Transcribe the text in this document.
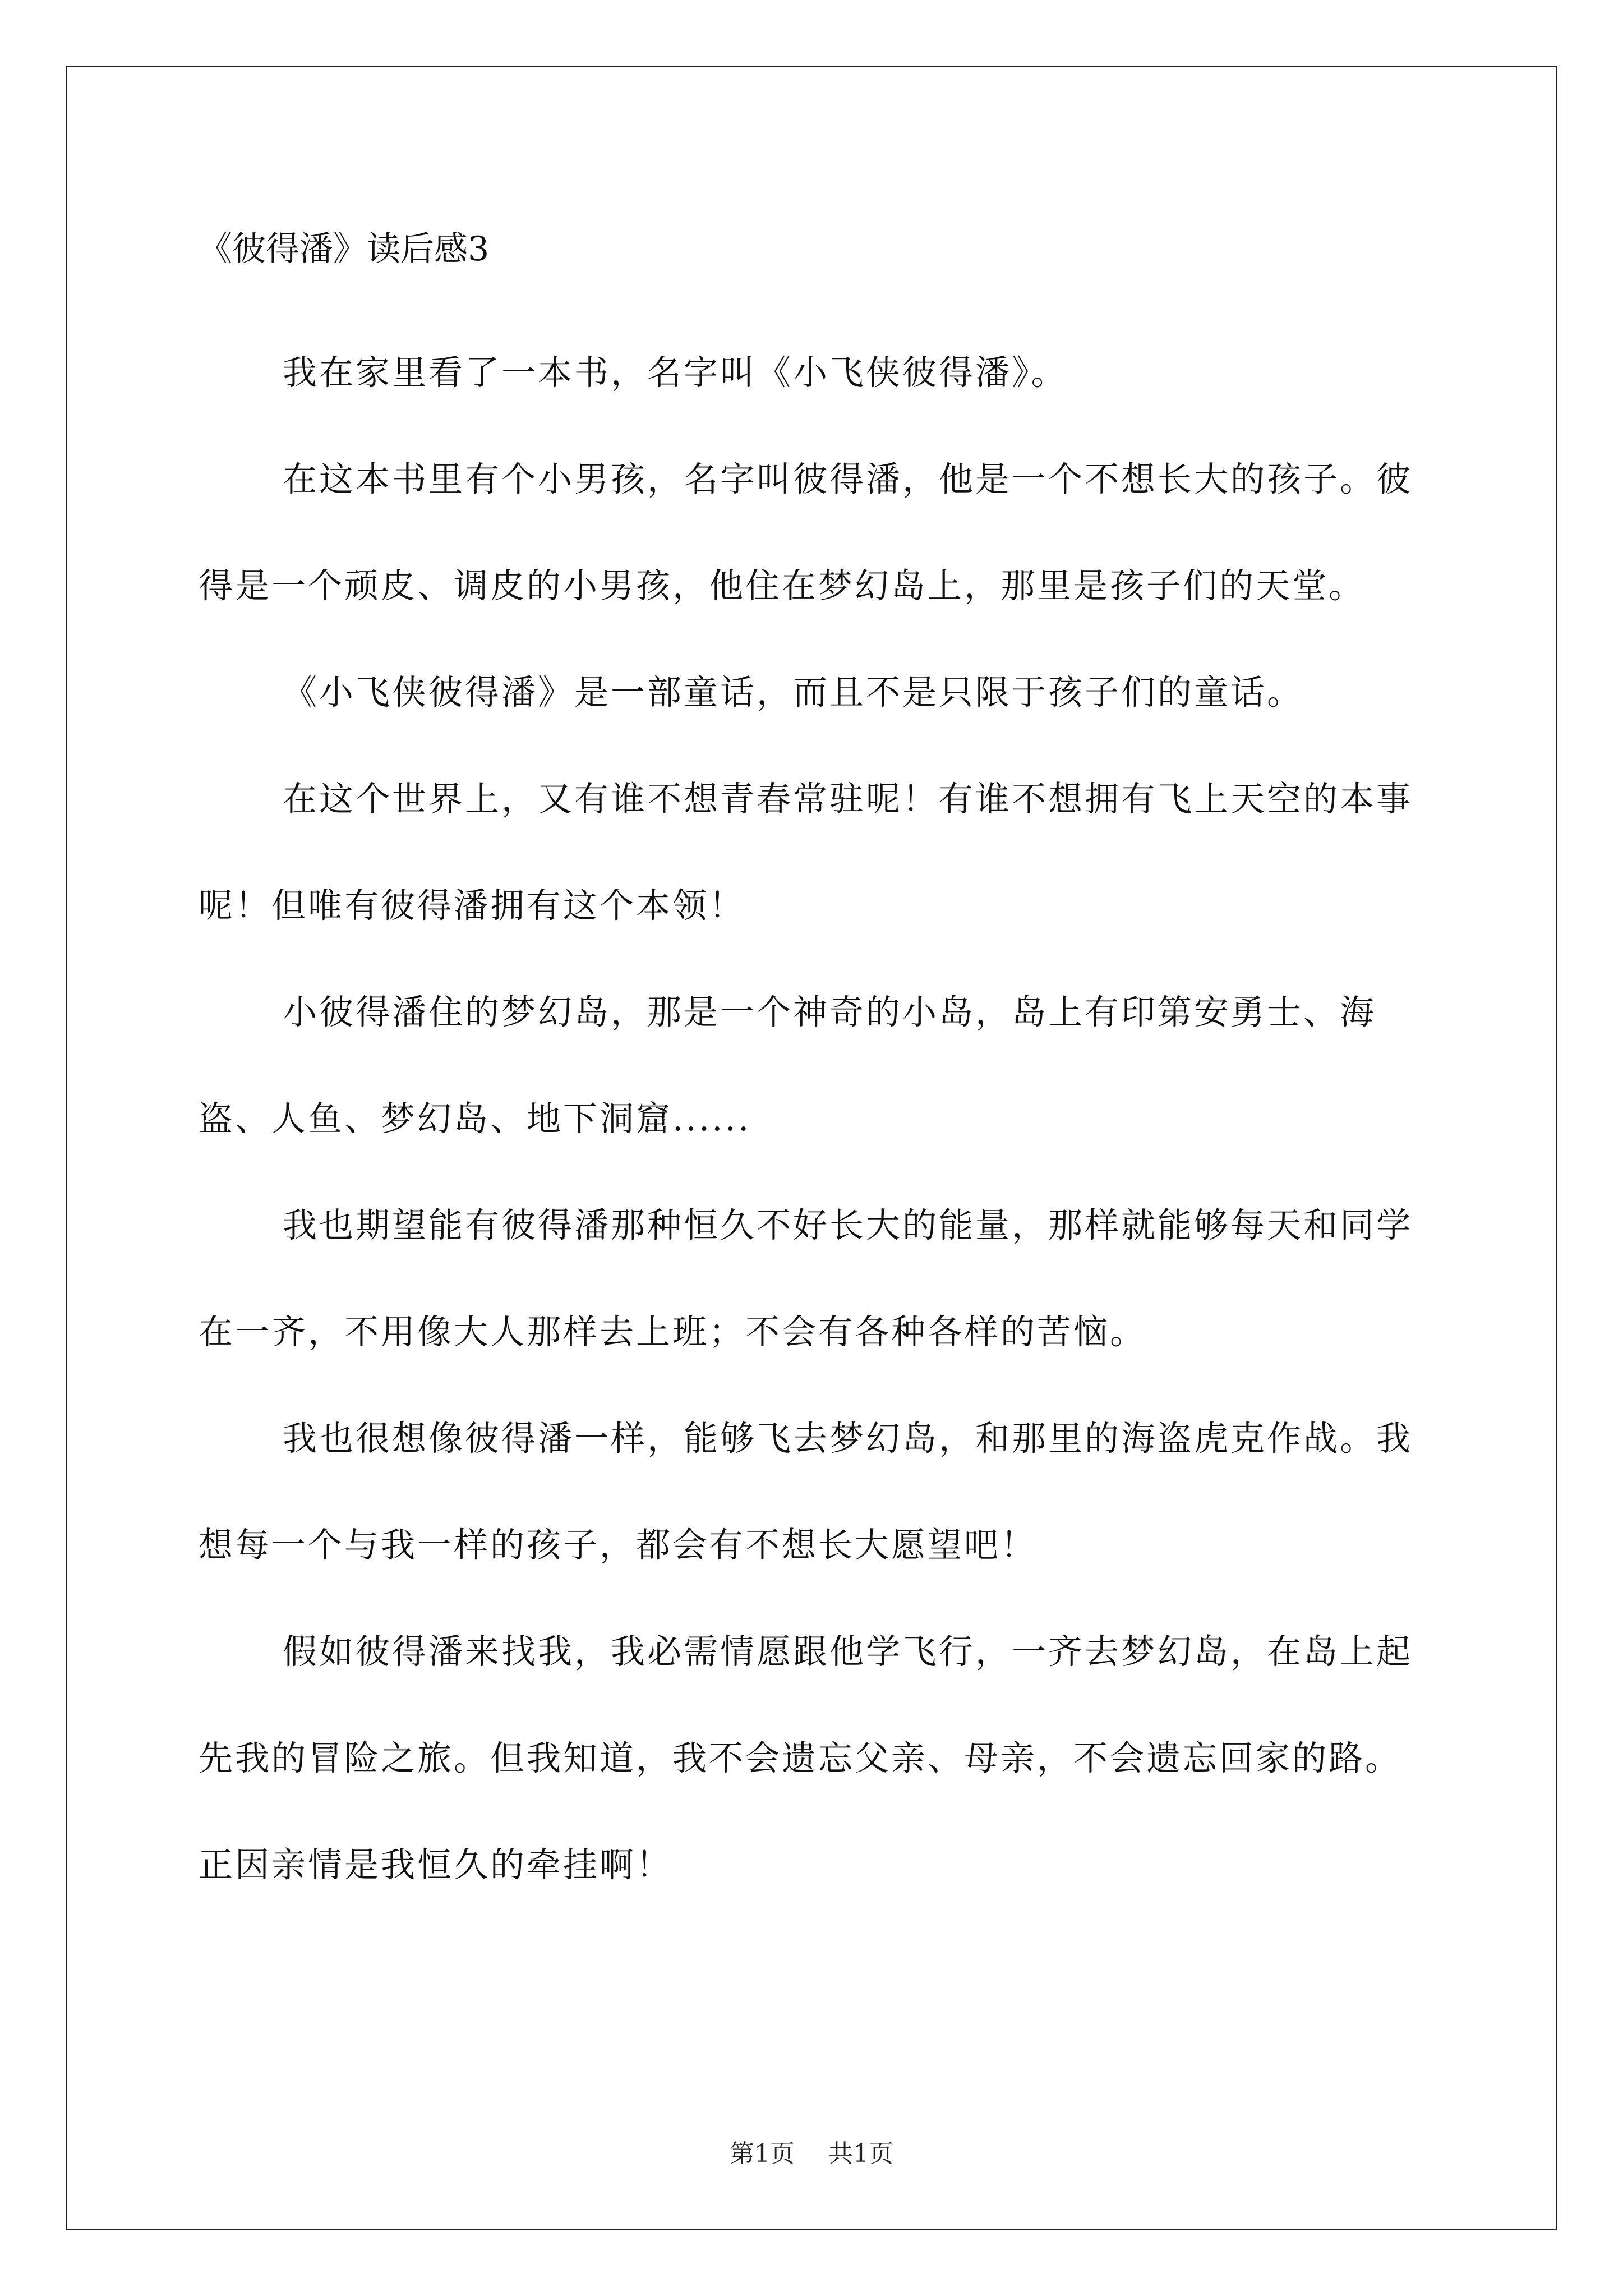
《彼得潘》读后感3

我在家里看了一本书，名字叫《小飞侠彼得潘》。

在这本书里有个小男孩，名字叫彼得潘，他是一个不想长大的孩子。彼得是一个顽皮、调皮的小男孩，他住在梦幻岛上，那里是孩子们的天堂。

《小飞侠彼得潘》是一部童话，而且不是只限于孩子们的童话。

在这个世界上，又有谁不想青春常驻呢！有谁不想拥有飞上天空的本事呢！但唯有彼得潘拥有这个本领！

小彼得潘住的梦幻岛，那是一个神奇的小岛，岛上有印第安勇士、海盗、人鱼、梦幻岛、地下洞窟......

我也期望能有彼得潘那种恒久不好长大的能量，那样就能够每天和同学在一齐，不用像大人那样去上班；不会有各种各样的苦恼。

我也很想像彼得潘一样，能够飞去梦幻岛，和那里的海盗虎克作战。我想每一个与我一样的孩子，都会有不想长大愿望吧！

假如彼得潘来找我，我必需情愿跟他学飞行，一齐去梦幻岛，在岛上起先我的冒险之旅。但我知道，我不会遗忘父亲、母亲，不会遗忘回家的路。正因亲情是我恒久的牵挂啊！

第1页 共1页
